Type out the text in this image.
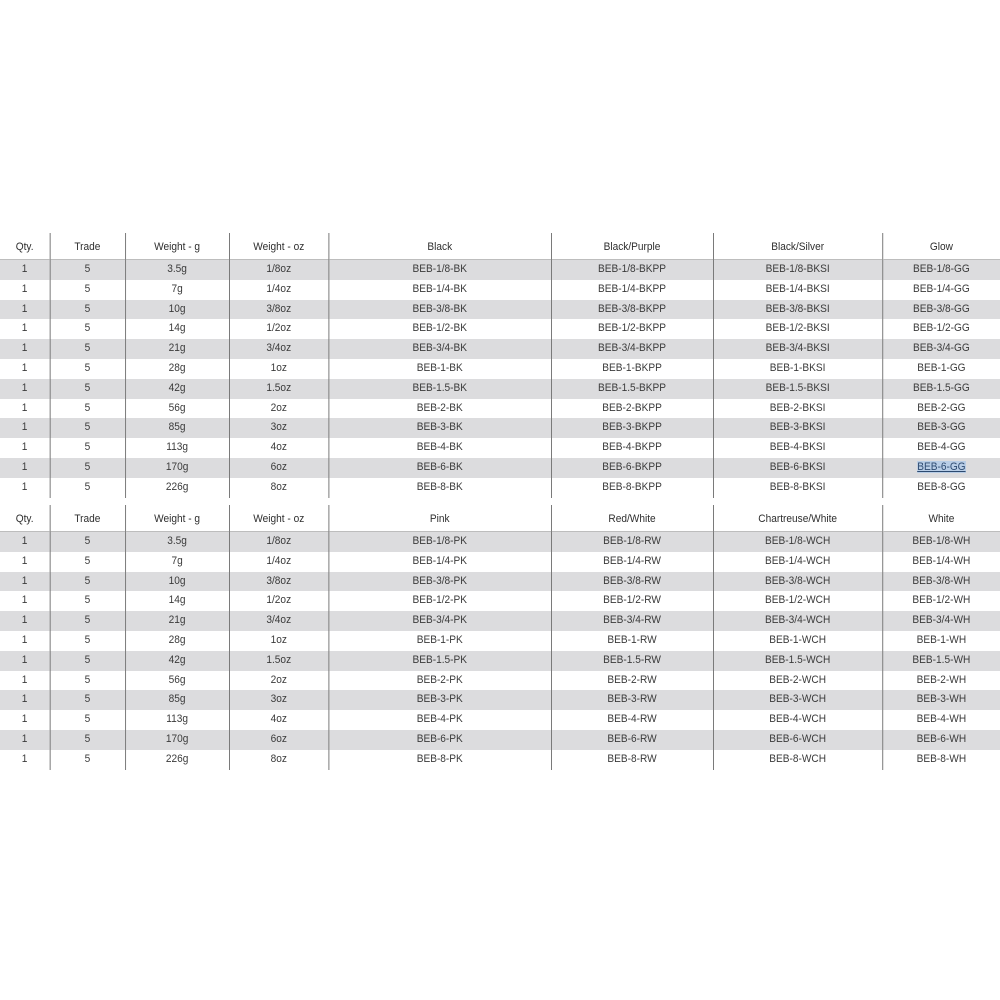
Qty.	Trade	Weight - g	Weight - oz	Black	Black/Purple	Black/Silver	Glow
1	5	3.5g	1/8oz	BEB-1/8-BK	BEB-1/8-BKPP	BEB-1/8-BKSI	BEB-1/8-GG
1	5	7g	1/4oz	BEB-1/4-BK	BEB-1/4-BKPP	BEB-1/4-BKSI	BEB-1/4-GG
1	5	10g	3/8oz	BEB-3/8-BK	BEB-3/8-BKPP	BEB-3/8-BKSI	BEB-3/8-GG
1	5	14g	1/2oz	BEB-1/2-BK	BEB-1/2-BKPP	BEB-1/2-BKSI	BEB-1/2-GG
1	5	21g	3/4oz	BEB-3/4-BK	BEB-3/4-BKPP	BEB-3/4-BKSI	BEB-3/4-GG
1	5	28g	1oz	BEB-1-BK	BEB-1-BKPP	BEB-1-BKSI	BEB-1-GG
1	5	42g	1.5oz	BEB-1.5-BK	BEB-1.5-BKPP	BEB-1.5-BKSI	BEB-1.5-GG
1	5	56g	2oz	BEB-2-BK	BEB-2-BKPP	BEB-2-BKSI	BEB-2-GG
1	5	85g	3oz	BEB-3-BK	BEB-3-BKPP	BEB-3-BKSI	BEB-3-GG
1	5	113g	4oz	BEB-4-BK	BEB-4-BKPP	BEB-4-BKSI	BEB-4-GG
1	5	170g	6oz	BEB-6-BK	BEB-6-BKPP	BEB-6-BKSI	BEB-6-GG
1	5	226g	8oz	BEB-8-BK	BEB-8-BKPP	BEB-8-BKSI	BEB-8-GG
Qty.	Trade	Weight - g	Weight - oz	Pink	Red/White	Chartreuse/White	White
1	5	3.5g	1/8oz	BEB-1/8-PK	BEB-1/8-RW	BEB-1/8-WCH	BEB-1/8-WH
1	5	7g	1/4oz	BEB-1/4-PK	BEB-1/4-RW	BEB-1/4-WCH	BEB-1/4-WH
1	5	10g	3/8oz	BEB-3/8-PK	BEB-3/8-RW	BEB-3/8-WCH	BEB-3/8-WH
1	5	14g	1/2oz	BEB-1/2-PK	BEB-1/2-RW	BEB-1/2-WCH	BEB-1/2-WH
1	5	21g	3/4oz	BEB-3/4-PK	BEB-3/4-RW	BEB-3/4-WCH	BEB-3/4-WH
1	5	28g	1oz	BEB-1-PK	BEB-1-RW	BEB-1-WCH	BEB-1-WH
1	5	42g	1.5oz	BEB-1.5-PK	BEB-1.5-RW	BEB-1.5-WCH	BEB-1.5-WH
1	5	56g	2oz	BEB-2-PK	BEB-2-RW	BEB-2-WCH	BEB-2-WH
1	5	85g	3oz	BEB-3-PK	BEB-3-RW	BEB-3-WCH	BEB-3-WH
1	5	113g	4oz	BEB-4-PK	BEB-4-RW	BEB-4-WCH	BEB-4-WH
1	5	170g	6oz	BEB-6-PK	BEB-6-RW	BEB-6-WCH	BEB-6-WH
1	5	226g	8oz	BEB-8-PK	BEB-8-RW	BEB-8-WCH	BEB-8-WH
